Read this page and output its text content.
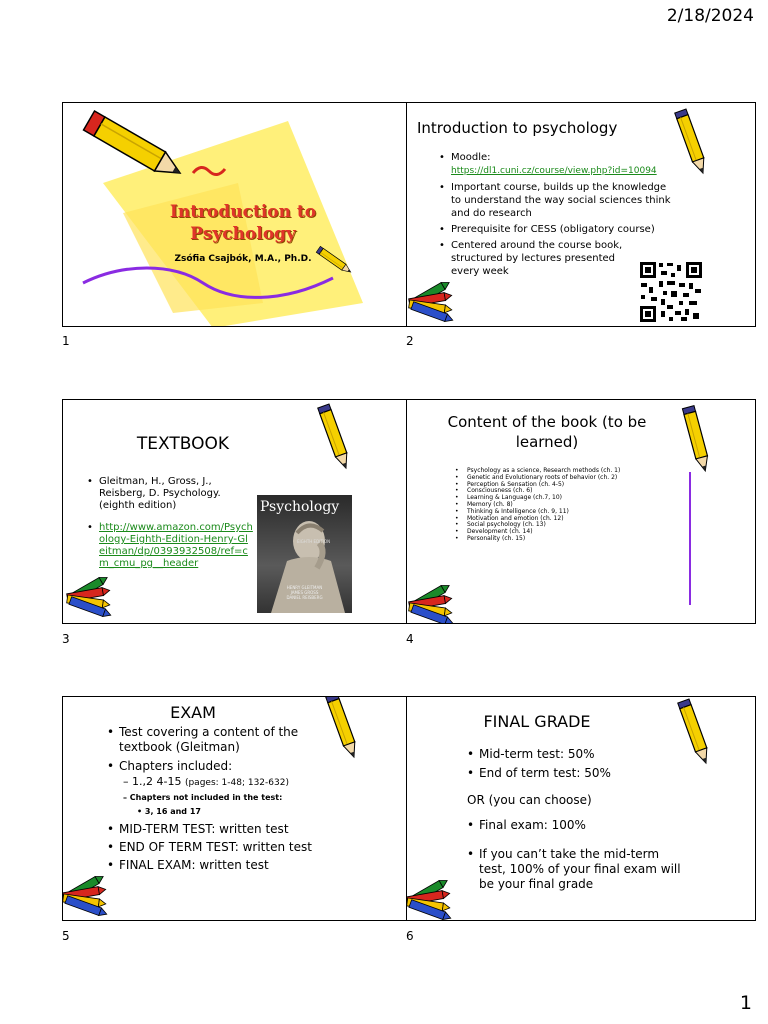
2/18/2024
Introduction to Psychology
Zsófia Csajbók, M.A., Ph.D.
1
Introduction to psychology
• Moodle:
https://dl1.cuni.cz/course/view.php?id=10094
• Important course, builds up the knowledge to understand the way social sciences think and do research
• Prerequisite for CESS (obligatory course)
• Centered around the course book, structured by lectures presented every week
2
TEXTBOOK
• Gleitman, H., Gross, J., Reisberg, D. Psychology. (eighth edition)
• http://www.amazon.com/Psychology-Eighth-Edition-Henry-Gleitman/dp/0393932508/ref=cm_cmu_pg__header
Psychology
EIGHTH EDITION
HENRY GLEITMAN
JAMES GROSS
DANIEL REISBERG
3
Content of the book (to be learned)
• Psychology as a science, Research methods (ch. 1)
• Genetic and Evolutionary roots of behavior (ch. 2)
• Perception & Sensation (ch. 4-5)
• Consciousness (ch. 6)
• Learning & Language (ch.7, 10)
• Memory (ch. 8)
• Thinking & Intelligence (ch. 9, 11)
• Motivation and emotion (ch. 12)
• Social psychology (ch. 13)
• Development (ch. 14)
• Personality (ch. 15)
4
EXAM
• Test covering a content of the textbook (Gleitman)
• Chapters included:
– 1.,2 4-15 (pages: 1-48; 132-632)
– Chapters not included in the test:
• 3, 16 and 17
• MID-TERM TEST: written test
• END OF TERM TEST: written test
• FINAL EXAM: written test
5
FINAL GRADE
• Mid-term test: 50%
• End of term test: 50%
OR (you can choose)
• Final exam: 100%
• If you can’t take the mid-term test, 100% of your final exam will be your final grade
6
1
